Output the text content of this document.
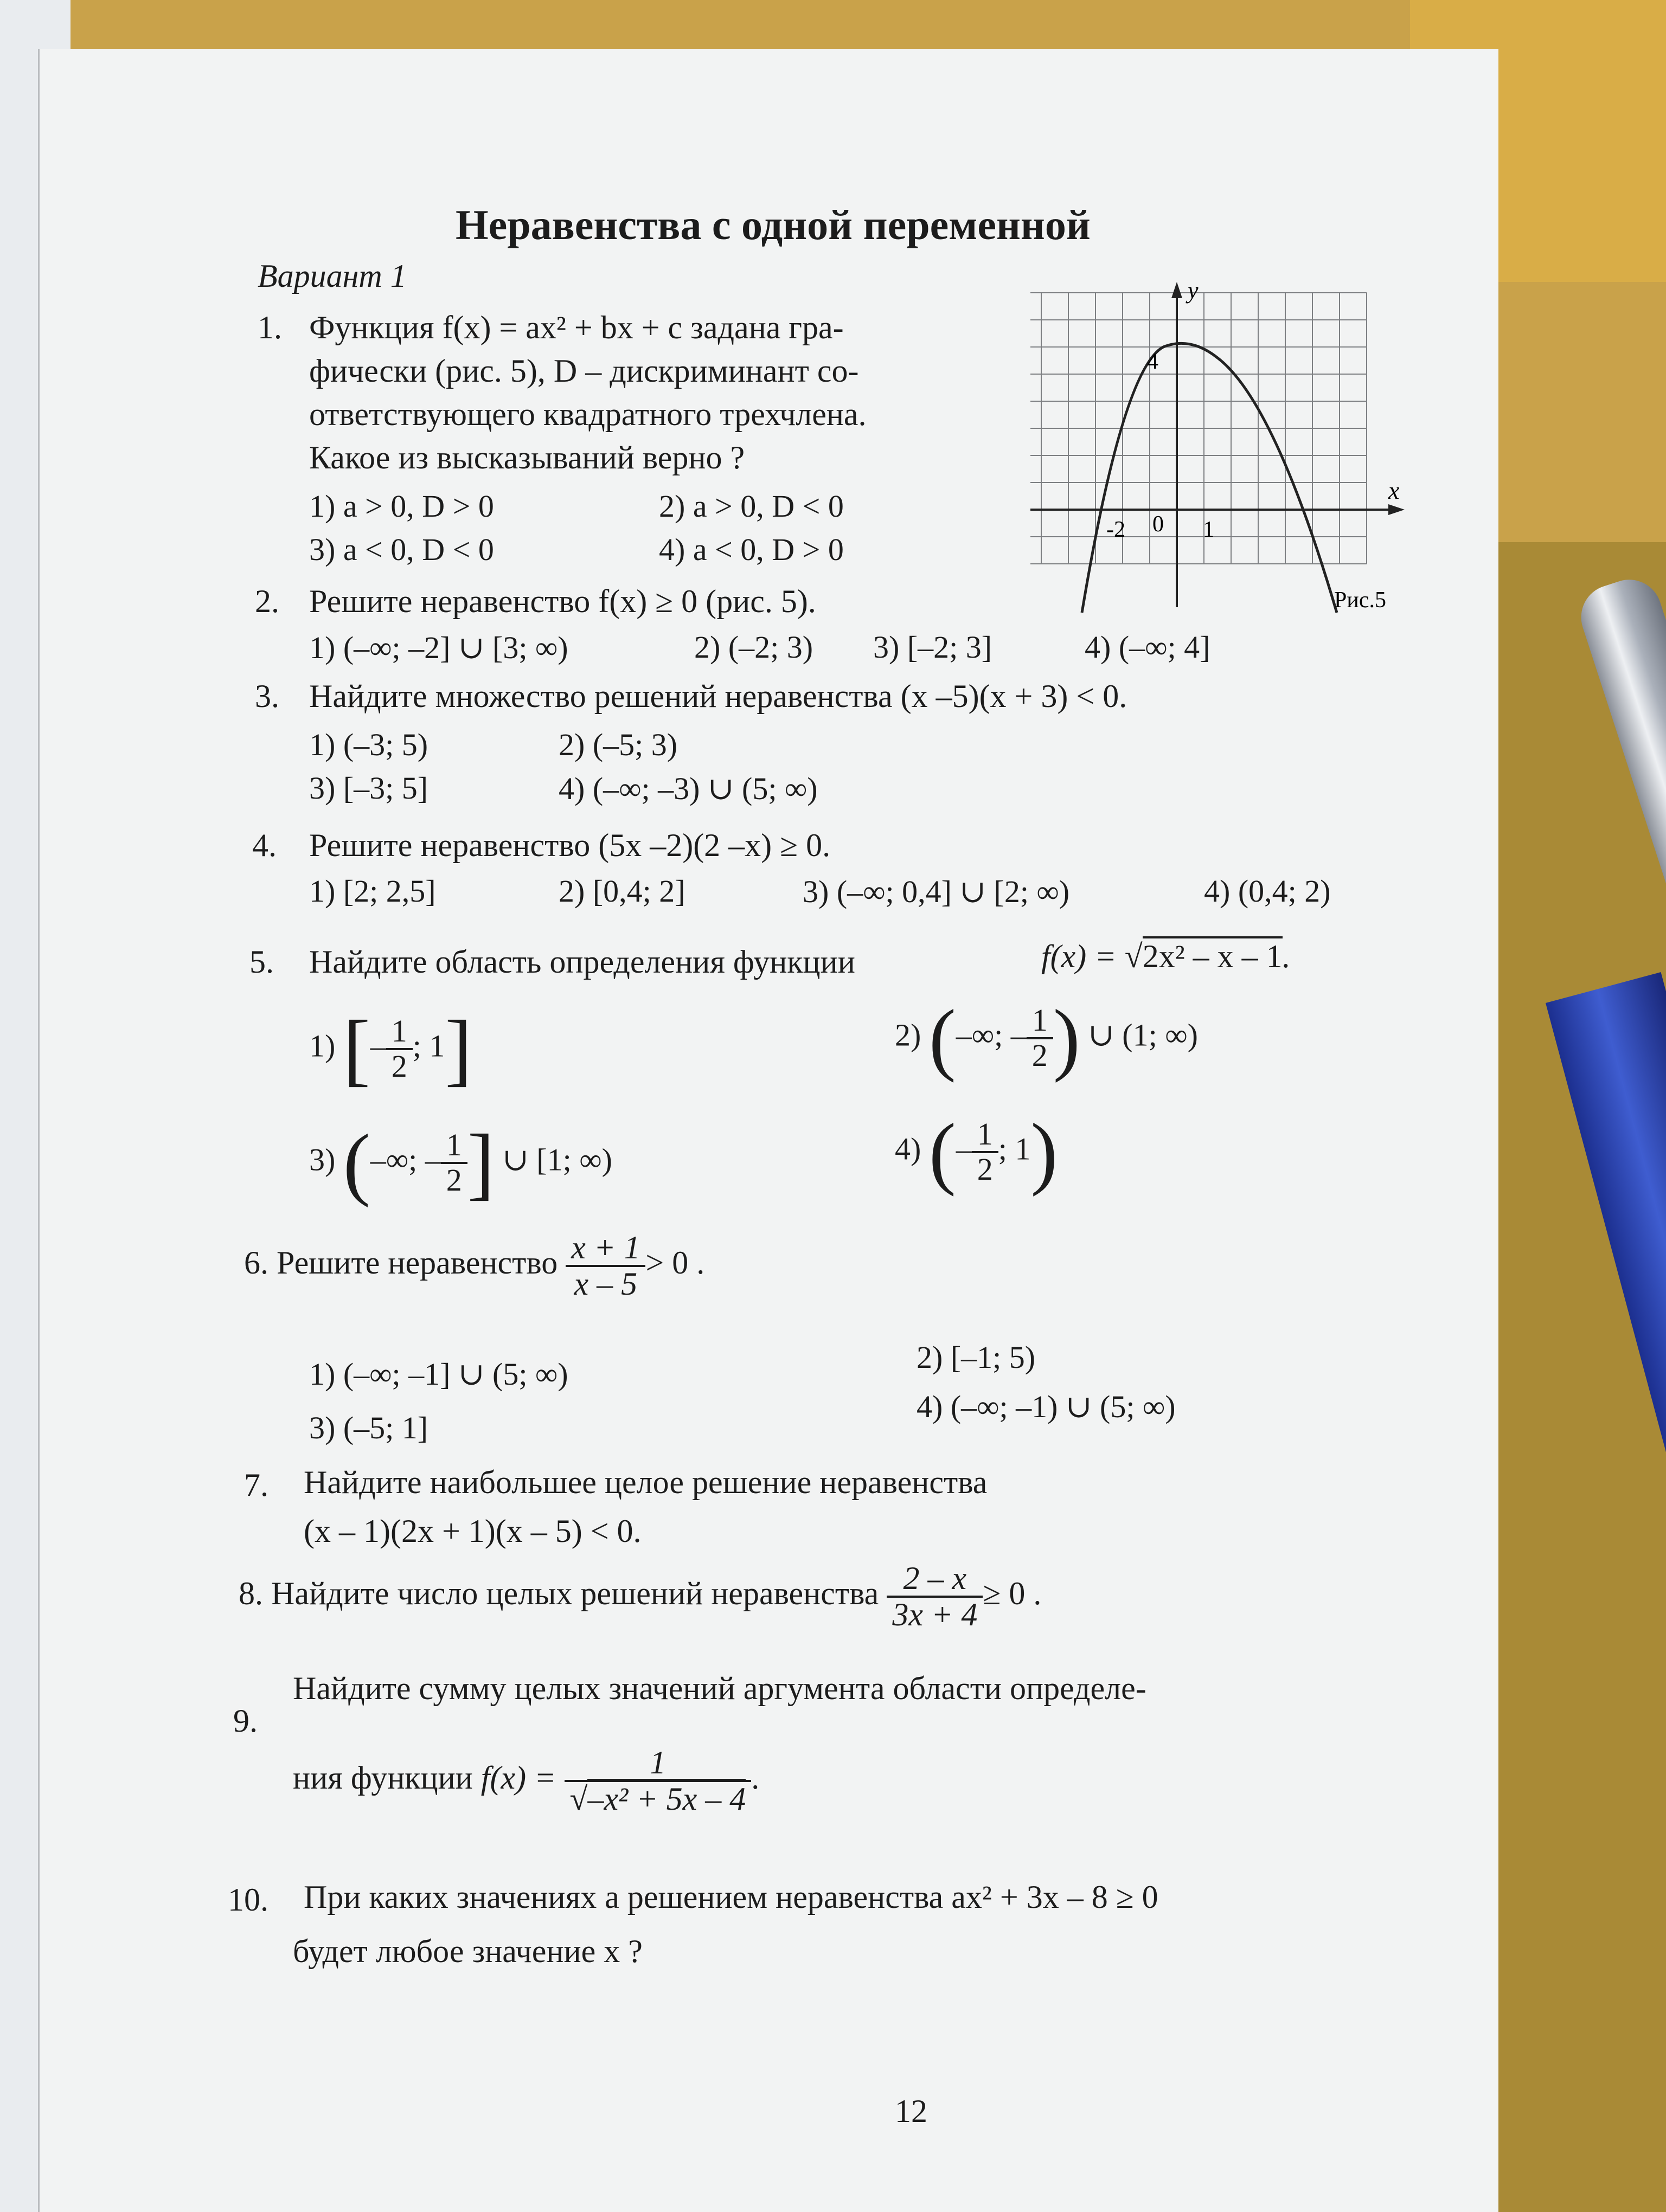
Неравенства с одной переменной
Вариант 1	y
x
4
-2 0 1
Рис.5
1. Функция f(x) = ax² + bx + c задана гра-
фически (рис. 5), D – дискриминант со-
ответствующего квадратного трехчлена.
Какое из высказываний верно ?
1) a > 0, D > 0	2) a > 0, D < 0
3) a < 0, D < 0	4) a < 0, D > 0
2. Решите неравенство f(x) ≥ 0 (рис. 5).
1) (–∞; –2] ∪ [3; ∞)	2) (–2; 3) 3) [–2; 3]	4) (–∞; 4]
3. Найдите множество решений неравенства (x –5)(x + 3) < 0.
1) (–3; 5)	2) (–5; 3)
3) [–3; 5]	4) (–∞; –3) ∪ (5; ∞)
4. Решите неравенство (5x –2)(2 –x) ≥ 0.
1) [2; 2,5]	2) [0,4; 2]	3) (–∞; 0,4] ∪ [2; ∞)	4) (0,4; 2)
5. Найдите область определения функции	f(x) = √2x² – x – 1.
1) [– $\frac{1}{2}$ ; 1]	2) (–∞; – $\frac{1}{2}$ ) ∪ (1; ∞)
3) (–∞; – $\frac{1}{2}$ ] ∪ [1; ∞)	4) (– $\frac{1}{2}$ ; 1)
6. Решите неравенство $\frac{x + 1}{x - 5} > 0$ .
1) (–∞; –1] ∪ (5; ∞)	2) [–1; 5)
3) (–5; 1]
4) (–∞; –1) ∪ (5; ∞)
7. Найдите наибольшее целое решение неравенства
(x – 1)(2x + 1)(x – 5) < 0.
8. Найдите число целых решений неравенства $\frac{2 - x}{3x + 4} \ge 0$ .
9.
Найдите сумму целых значений аргумента области определе-
ния функции $f(x) = \frac{1}{\text{√–x² + 5x – 4}}$ .
10. При каких значениях a решением неравенства ax² + 3x – 8 ≥ 0
будет любое значение x ?
12
